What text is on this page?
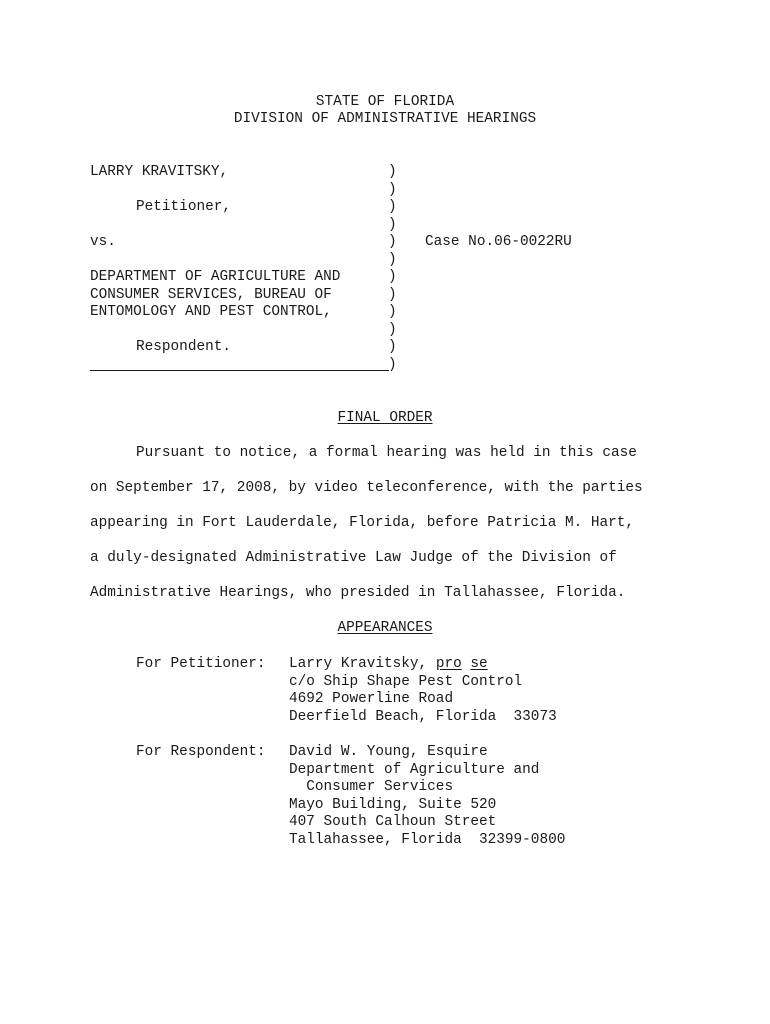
STATE OF FLORIDA
DIVISION OF ADMINISTRATIVE HEARINGS
LARRY KRAVITSKY,
Petitioner,
vs.
DEPARTMENT OF AGRICULTURE AND
CONSUMER SERVICES, BUREAU OF
ENTOMOLOGY AND PEST CONTROL,
Respondent.
)
)
)
)
)
)
)
)
)
)
)
)
Case No.06-0022RU
FINAL ORDER
Pursuant to notice, a formal hearing was held in this case
on September 17, 2008, by video teleconference, with the parties
appearing in Fort Lauderdale, Florida, before Patricia M. Hart,
a duly-designated Administrative Law Judge of the Division of
Administrative Hearings, who presided in Tallahassee, Florida.
APPEARANCES
For Petitioner: Larry Kravitsky, pro se
c/o Ship Shape Pest Control
4692 Powerline Road
Deerfield Beach, Florida  33073
For Respondent: David W. Young, Esquire
Department of Agriculture and
Consumer Services
Mayo Building, Suite 520
407 South Calhoun Street
Tallahassee, Florida  32399-0800
